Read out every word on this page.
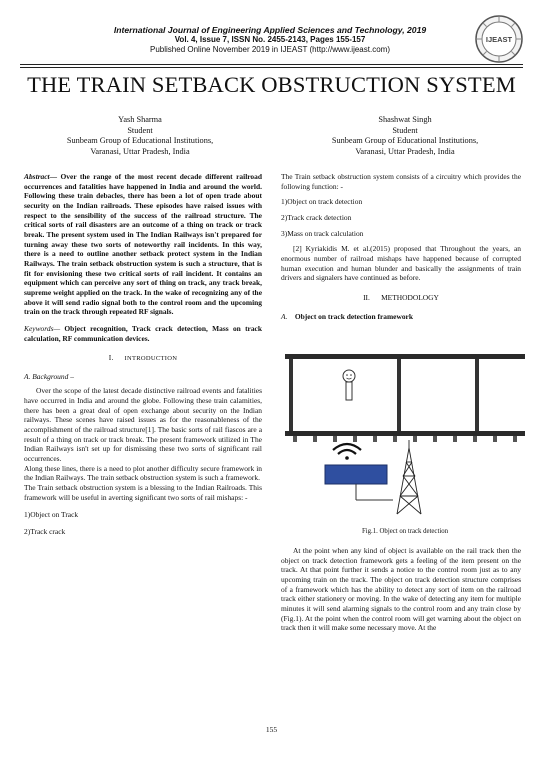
International Journal of Engineering Applied Sciences and Technology, 2019
Vol. 4, Issue 7, ISSN No. 2455-2143, Pages 155-157
Published Online November 2019 in IJEAST (http://www.ijeast.com)
IJEAST
THE TRAIN SETBACK OBSTRUCTION SYSTEM
Yash Sharma
Student
Sunbeam Group of Educational Institutions,
Varanasi, Uttar Pradesh, India
Shashwat Singh
Student
Sunbeam Group of Educational Institutions,
Varanasi, Uttar Pradesh, India

Abstract— Over the range of the most recent decade different railroad occurrences and fatalities have happened in India and around the world. Following these train debacles, there has been a lot of open trade about security on the Indian railroads. These episodes have raised issues with respect to the sensibility of the success of the railroad structure. The critical sorts of rail disasters are an outcome of a thing on track or track break. The present system used in The Indian Railways isn't prepared for turning away these two sorts of noteworthy rail incidents. In this way, there is a need to outline another setback protect system in the Indian Railways. The train setback obstruction system is such a structure, that is fit for envisioning these two critical sorts of rail incident. It contains an equipment which can perceive any sort of thing on track, any track break, supreme weight applied on the track. In the wake of recognizing any of the above it will send radio signal both to the control room and the upcoming train on the track through repeated RF signals.

Keywords— Object recognition, Track crack detection, Mass on track calculation, RF communication devices.

I. INTRODUCTION

A. Background –

Over the scope of the latest decade distinctive railroad events and fatalities have occurred in India and around the globe. Following these train calamities, there has been a great deal of open exchange about security on the Indian railways. These scenes have raised issues as for the reasonableness of the accomplishment of the railroad structure[1]. The basic sorts of rail fiascos are a result of a thing on track or track break. The present framework utilized in The Indian Railways isn't set up for dismissing these two sorts of significant rail occurrences.

Along these lines, there is a need to plot another difficulty secure framework in the Indian Railways. The train setback obstruction system is such a framework.

The Train setback obstruction system is a blessing to the Indian Railroads. This framework will be useful in averting significant two sorts of rail mishaps: -

1)Object on Track

2)Track crack

The Train setback obstruction system consists of a circuitry which provides the following function: -

1)Object on track detection

2)Track crack detection

3)Mass on track calculation

[2] Kyriakidis M. et al.(2015) proposed that Throughout the years, an enormous number of railroad mishaps have happened because of corrupted human execution and human blunder and basically the assignments of train drivers and signalers have continued as before.

II. METHODOLOGY

A. Object on track detection framework

Fig.1. Object on track detection

At the point when any kind of object is available on the rail track then the object on track detection framework gets a feeling of the item present on the track. At that point further it sends a notice to the control room just as to any upcoming train on the track. The object on track detection structure comprises of a framework which has the ability to detect any sort of item on the railroad track either stationery or moving. In the wake of detecting any item for multiple minutes it will send alarming signals to the control room and any train close by (Fig.1). At the point when the control room will get warning about the object on track then it will make some necessary move. At the

155
